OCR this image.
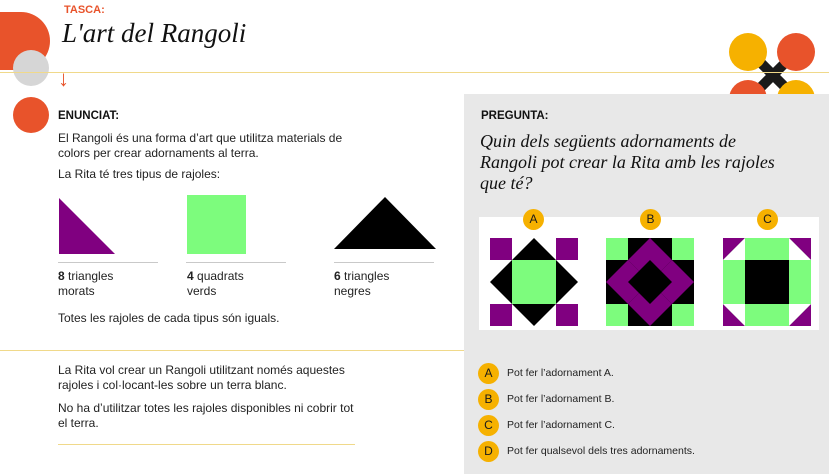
TASCA:
L'art del Rangoli
↓
ENUNCIAT:
El Rangoli és una forma d’art que utilitza materials de colors per crear adornaments al terra.
La Rita té tres tipus de rajoles:
8 triangles
morats
4 quadrats
verds
6 triangles
negres
Totes les rajoles de cada tipus són iguals.
La Rita vol crear un Rangoli utilitzant només aquestes rajoles i col·locant-les sobre un terra blanc.
No ha d’utilitzar totes les rajoles disponibles ni cobrir tot el terra.
PREGUNTA:
Quin dels següents adornaments de Rangoli pot crear la Rita amb les rajoles que té?
A	B	C
A	Pot fer l’adornament A.
B	Pot fer l’adornament B.
C	Pot fer l’adornament C.
D	Pot fer qualsevol dels tres adornaments.
